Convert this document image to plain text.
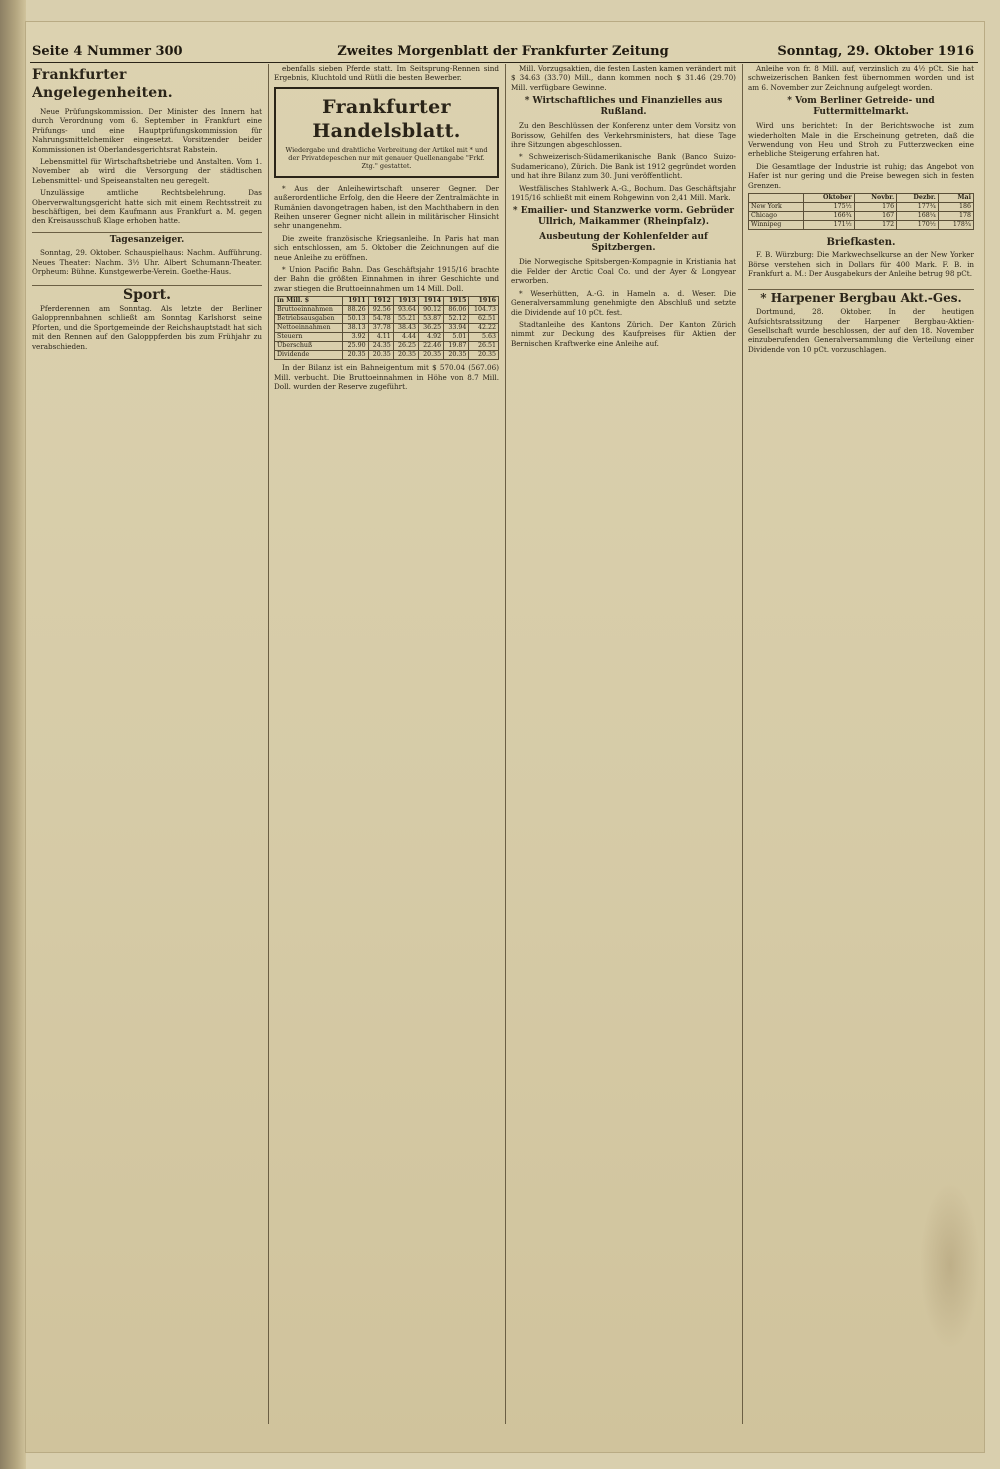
Seite 4 Nummer 300	Zweites Morgenblatt der Frankfurter Zeitung	Sonntag, 29. Oktober 1916
Frankfurter Angelegenheiten.

Neue Prüfungskommission. Der Minister des Innern hat durch Verordnung vom 6. September in Frankfurt eine Prüfungs- und eine Hauptprüfungskommission für Nahrungsmittelchemiker eingesetzt. Vorsitzender beider Kommissionen ist Oberlandesgerichtsrat Rabstein.

Lebensmittel für Wirtschaftsbetriebe und Anstalten. Vom 1. November ab wird die Versorgung der städtischen Lebensmittel- und Speiseanstalten neu geregelt.

Unzulässige amtliche Rechtsbelehrung. Das Oberverwaltungsgericht hatte sich mit einem Rechtsstreit zu beschäftigen, bei dem Kaufmann aus Frankfurt a. M. gegen den Kreisausschuß Klage erhoben hatte.

Tagesanzeiger.

Sonntag, 29. Oktober. Schauspielhaus: Nachm. Aufführung. Neues Theater: Nachm. 3½ Uhr. Albert Schumann-Theater. Orpheum: Bühne. Kunstgewerbe-Verein. Goethe-Haus.

Sport.

Pferderennen am Sonntag. Als letzte der Berliner Galopprennbahnen schließt am Sonntag Karlshorst seine Pforten, und die Sportgemeinde der Reichshauptstadt hat sich mit den Rennen auf den Galopppferden bis zum Frühjahr zu verabschieden.

ebenfalls sieben Pferde statt. Im Seitsprung-Rennen sind Ergebnis, Kluchtold und Rütli die besten Bewerber.

Frankfurter Handelsblatt.
Wiedergabe und drahtliche Verbreitung der Artikel mit * und der Privatdepeschen nur mit genauer Quellenangabe "Frkf. Ztg." gestattet.

* Aus der Anleihewirtschaft unserer Gegner. Der außerordentliche Erfolg, den die Heere der Zentralmächte in Rumänien davongetragen haben, ist den Machthabern in den Reihen unserer Gegner nicht allein in militärischer Hinsicht sehr unangenehm.

Die zweite französische Kriegsanleihe. In Paris hat man sich entschlossen, am 5. Oktober die Zeichnungen auf die neue Anleihe zu eröffnen.

* Union Pacific Bahn. Das Geschäftsjahr 1915/16 brachte der Bahn die größten Einnahmen in ihrer Geschichte und zwar stiegen die Bruttoeinnahmen um 14 Mill. Doll.

in Mill. $	1911	1912	1913	1914	1915	1916
Bruttoeinnahmen	88.26	92.56	93.64	90.12	86.06	104.73
Betriebsausgaben	50.13	54.78	55.21	53.87	52.12	62.51
Nettoeinnahmen	38.13	37.78	38.43	36.25	33.94	42.22
Steuern	3.92	4.11	4.44	4.92	5.01	5.63
Überschuß	25.90	24.35	26.25	22.46	19.87	26.51
Dividende	20.35	20.35	20.35	20.35	20.35	20.35

In der Bilanz ist ein Bahneigentum mit $ 570.04 (567.06) Mill. verbucht. Die Bruttoeinnahmen in Höhe von 8.7 Mill. Doll. wurden der Reserve zugeführt.

Mill. Vorzugsaktien, die festen Lasten kamen verändert mit $ 34.63 (33.70) Mill., dann kommen noch $ 31.46 (29.70) Mill. verfügbare Gewinne.

* Wirtschaftliches und Finanzielles aus Rußland.

Zu den Beschlüssen der Konferenz unter dem Vorsitz von Borissow, Gehilfen des Verkehrsministers, hat diese Tage ihre Sitzungen abgeschlossen.

* Schweizerisch-Südamerikanische Bank (Banco Suizo-Sudamericano), Zürich. Die Bank ist 1912 gegründet worden und hat ihre Bilanz zum 30. Juni veröffentlicht.

Westfälisches Stahlwerk A.-G., Bochum. Das Geschäftsjahr 1915/16 schließt mit einem Rohgewinn von 2,41 Mill. Mark.

* Emailier- und Stanzwerke vorm. Gebrüder Ullrich, Maikammer (Rheinpfalz).
Ausbeutung der Kohlenfelder auf Spitzbergen.

Die Norwegische Spitsbergen-Kompagnie in Kristiania hat die Felder der Arctic Coal Co. und der Ayer & Longyear erworben.

* Weserhütten, A.-G. in Hameln a. d. Weser. Die Generalversammlung genehmigte den Abschluß und setzte die Dividende auf 10 pCt. fest.

Stadtanleihe des Kantons Zürich. Der Kanton Zürich nimmt zur Deckung des Kaufpreises für Aktien der Bernischen Kraftwerke eine Anleihe auf.

Anleihe von fr. 8 Mill. auf, verzinslich zu 4½ pCt. Sie hat schweizerischen Banken fest übernommen worden und ist am 6. November zur Zeichnung aufgelegt worden.

* Vom Berliner Getreide- und Futtermittelmarkt.

Wird uns berichtet: In der Berichtswoche ist zum wiederholten Male in die Erscheinung getreten, daß die Verwendung von Heu und Stroh zu Futterzwecken eine erhebliche Steigerung erfahren hat.

Die Gesamtlage der Industrie ist ruhig; das Angebot von Hafer ist nur gering und die Preise bewegen sich in festen Grenzen.

	Oktober	Novbr.	Dezbr.	Mai
New York	175½	176	177¾	186
Chicago	166¾	167	168¼	178
Winnipeg	171½	172	170½	178¾
Briefkasten.

F. B. Würzburg: Die Markwechselkurse an der New Yorker Börse verstehen sich in Dollars für 400 Mark. F. B. in Frankfurt a. M.: Der Ausgabekurs der Anleihe betrug 98 pCt.

* Harpener Bergbau Akt.-Ges.

Dortmund, 28. Oktober. In der heutigen Aufsichtsratssitzung der Harpener Bergbau-Aktien-Gesellschaft wurde beschlossen, der auf den 18. November einzuberufenden Generalversammlung die Verteilung einer Dividende von 10 pCt. vorzuschlagen.
